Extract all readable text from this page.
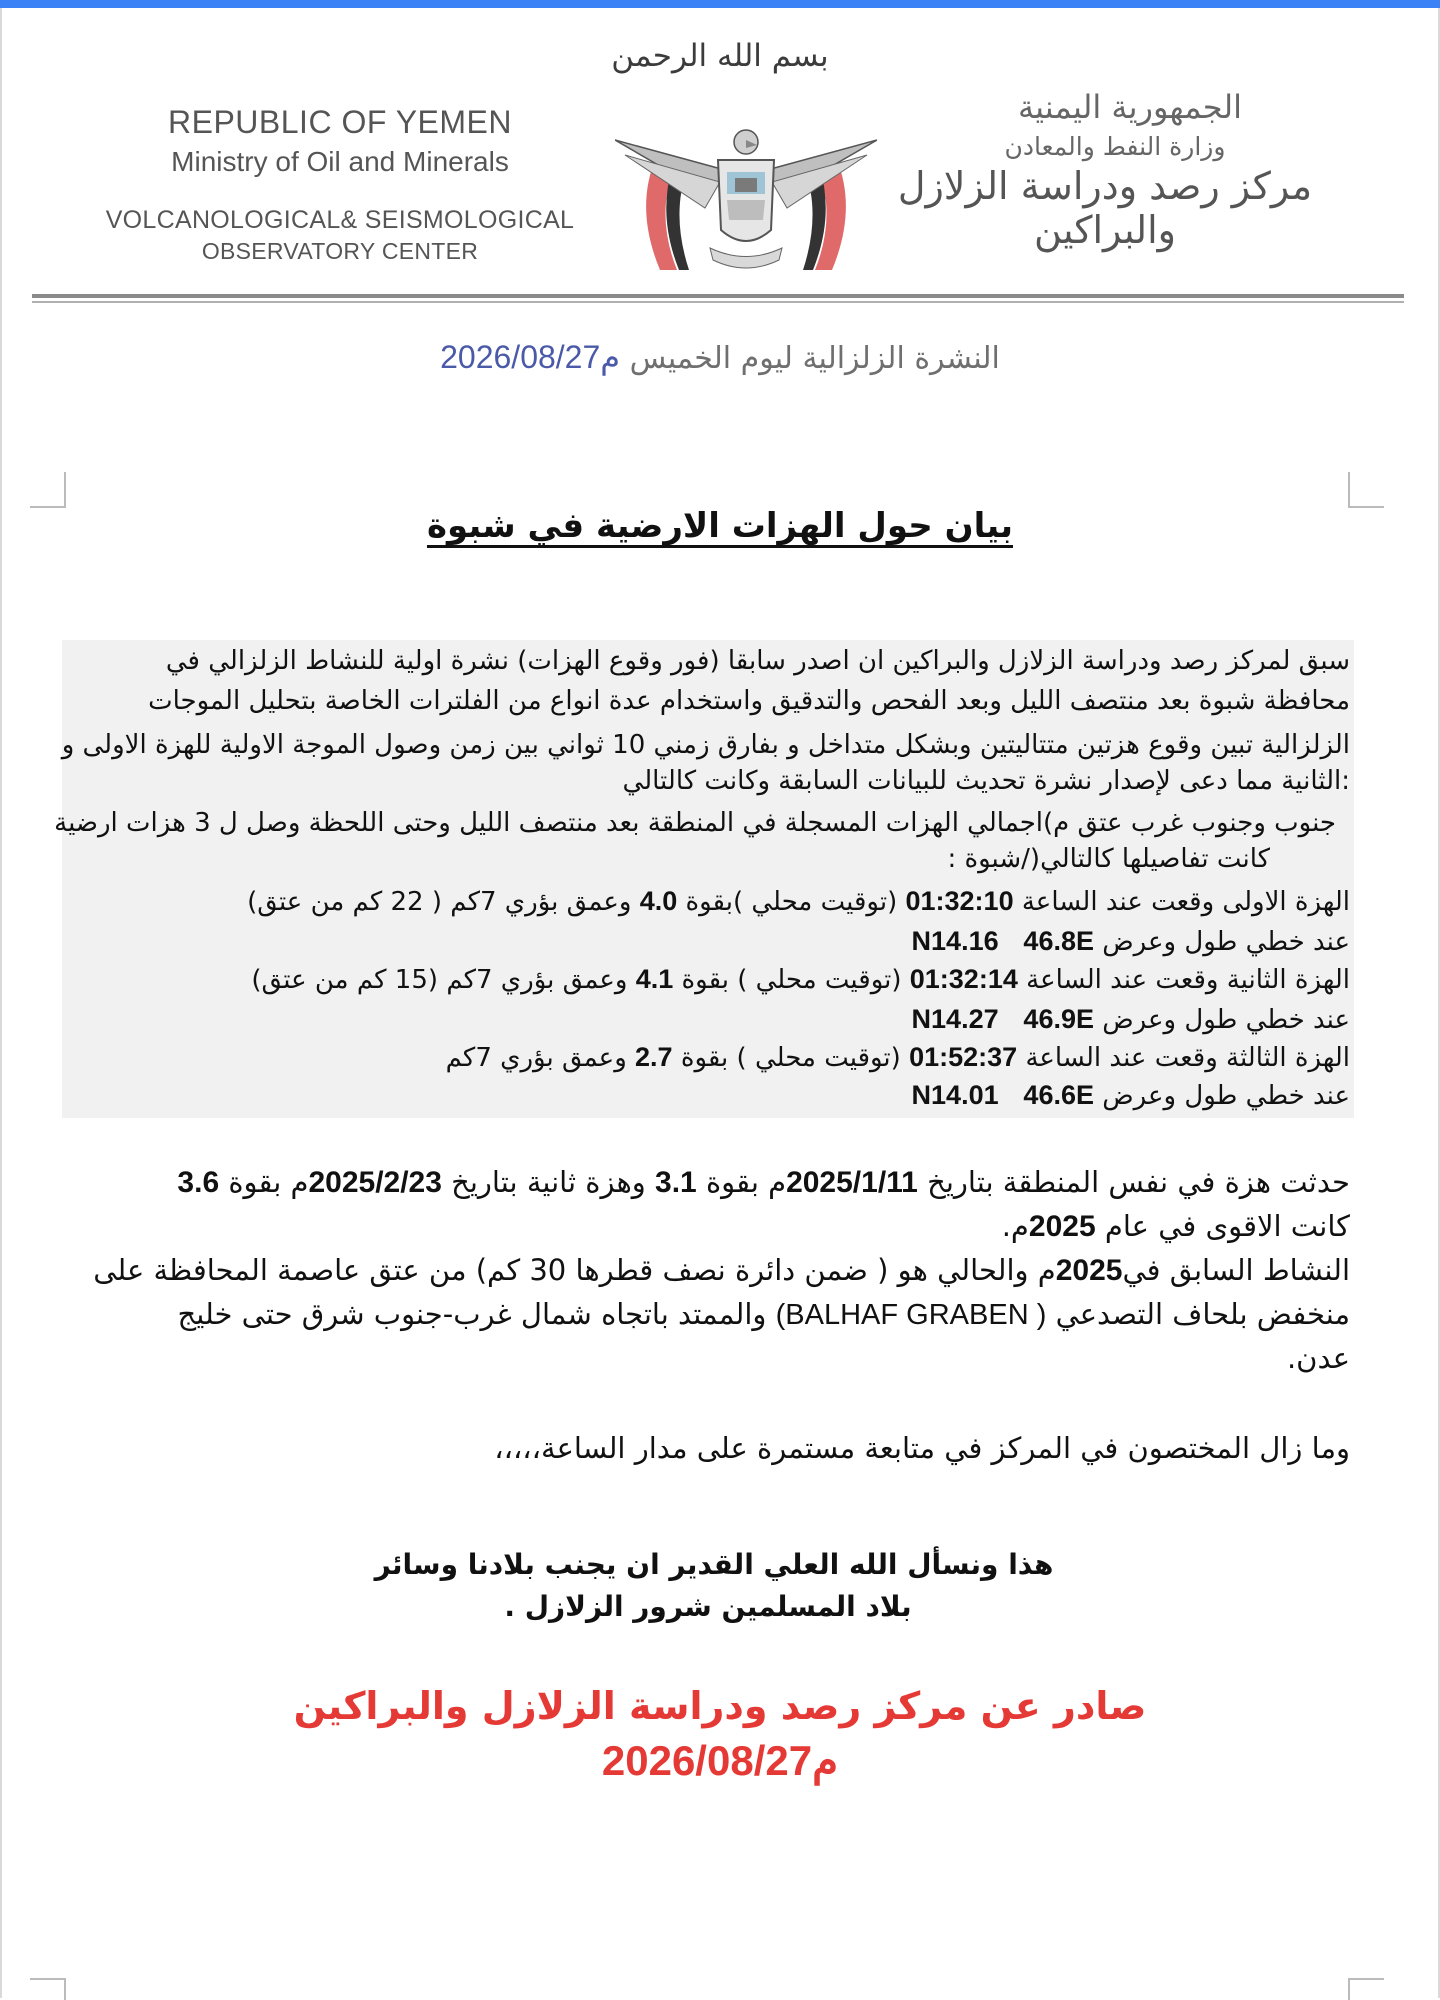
بسم الله الرحمن
REPUBLIC OF YEMEN
Ministry of Oil and Minerals
VOLCANOLOGICAL& SEISMOLOGICAL
OBSERVATORY CENTER
الجمهورية اليمنية
وزارة النفط والمعادن
مركز رصد ودراسة الزلازل والبراكين
النشرة الزلزالية ليوم الخميس 2026/08/27م
بيان حول الهزات الارضية في شبوة
سبق لمركز رصد ودراسة الزلازل والبراكين ان اصدر سابقا (فور وقوع الهزات) نشرة اولية للنشاط الزلزالي في
محافظة شبوة بعد منتصف الليل وبعد الفحص والتدقيق واستخدام عدة انواع من الفلترات الخاصة بتحليل الموجات
الزلزالية تبين وقوع هزتين متتاليتين وبشكل متداخل و بفارق زمني 10 ثواني بين زمن وصول الموجة الاولية للهزة الاولى و
:الثانية مما دعى لإصدار نشرة تحديث للبيانات السابقة وكانت كالتالي
جنوب وجنوب غرب عتق م)اجمالي الهزات المسجلة في المنطقة بعد منتصف الليل وحتى اللحظة وصل ل 3 هزات ارضية
كانت تفاصيلها كالتالي(/شبوة :
الهزة الاولى وقعت عند الساعة 01:32:10 (توقيت محلي )بقوة 4.0 وعمق بؤري 7كم ( 22 كم من عتق)
عند خطي طول وعرض 46.8E   N14.16
الهزة الثانية وقعت عند الساعة 01:32:14 (توقيت محلي ) بقوة 4.1 وعمق بؤري 7كم (15 كم من عتق)
عند خطي طول وعرض 46.9E   N14.27
الهزة الثالثة وقعت عند الساعة 01:52:37 (توقيت محلي ) بقوة 2.7 وعمق بؤري 7كم
عند خطي طول وعرض 46.6E   N14.01
حدثت هزة في نفس المنطقة بتاريخ 2025/1/11م بقوة 3.1 وهزة ثانية بتاريخ 2025/2/23م بقوة 3.6
كانت الاقوى في عام 2025م.
النشاط السابق في2025م والحالي هو ( ضمن دائرة نصف قطرها 30 كم) من عتق عاصمة المحافظة على
منخفض بلحاف التصدعي (BALHAF GRABEN ) والممتد باتجاه شمال غرب-جنوب شرق حتى خليج
عدن.
وما زال المختصون في المركز في متابعة مستمرة على مدار الساعة،،،،،
هذا ونسأل الله العلي القدير ان يجنب بلادنا وسائر
بلاد المسلمين شرور الزلازل .
صادر عن مركز رصد ودراسة الزلازل والبراكين
2026/08/27م
